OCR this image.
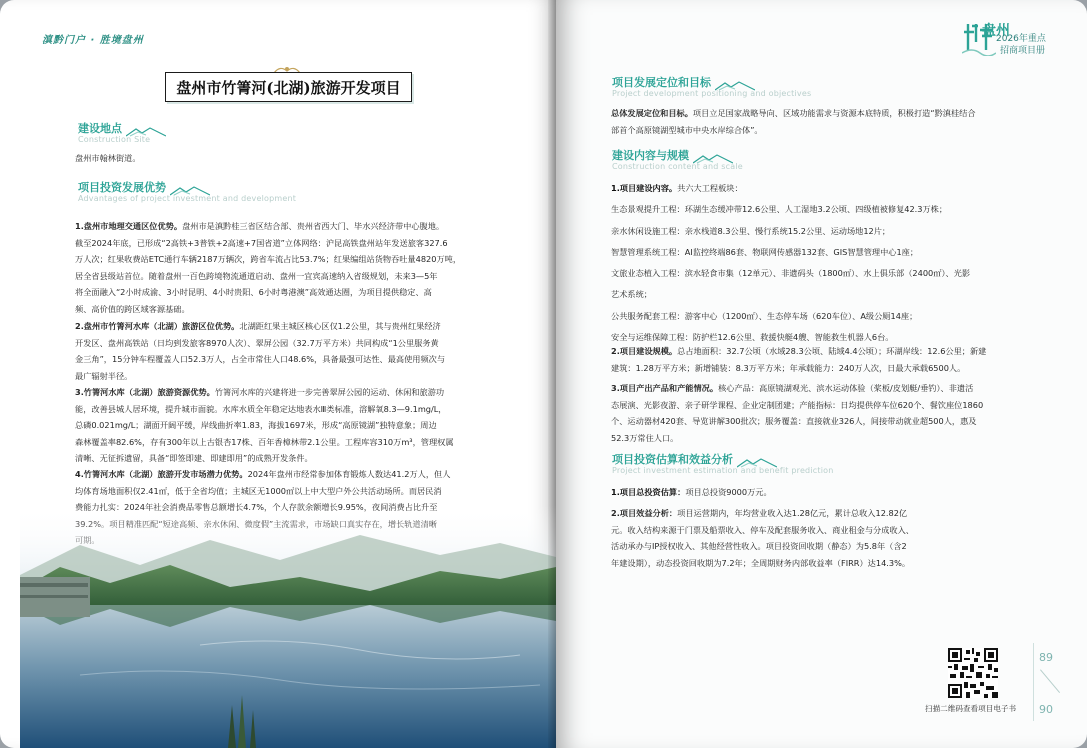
滇黔门户 · 胜境盘州
盘州市竹箐河(北湖)旅游开发项目
建设地点
Construction Site
盘州市翰林街道。
项目投资发展优势
Advantages of project investment and development
1.盘州市地理交通区位优势。盘州市是滇黔桂三省区结合部、贵州省西大门、毕水兴经济带中心腹地。
截至2024年底，已形成“2高铁+3普铁+2高速+7国省道”立体网络：沪昆高铁盘州站年发送旅客327.6
万人次；红果收费站ETC通行车辆2187万辆次，跨省车流占比53.7%；红果编组站货物吞吐量4820万吨，
居全省县级站首位。随着盘州一百色跨境物流通道启动、盘州一宜宾高速纳入省级规划，未来3—5年
将全面融入“2小时成渝、3小时昆明、4小时贵阳、6小时粤港澳”高效通达圈，为项目提供稳定、高
频、高价值的跨区域客源基础。
2.盘州市竹箐河水库（北湖）旅游区位优势。北湖距红果主城区核心区仅1.2公里，其与贵州红果经济
开发区、盘州高铁站（日均到发旅客8970人次）、翠屏公园（32.7万平方米）共同构成“1公里服务黄
金三角”，15分钟车程覆盖人口52.3万人，占全市常住人口48.6%，具备最强可达性、最高使用频次与
最广辐射半径。
3.竹箐河水库（北湖）旅游资源优势。竹箐河水库的兴建将进一步完善翠屏公园的运动、休闲和旅游功
能，改善县城人居环境，提升城市面貌。水库水质全年稳定达地表水Ⅲ类标准，溶解氧8.3—9.1mg/L，
总磷0.021mg/L；湖面开阔平缓，岸线曲折率1.83，海拔1697米，形成“高原镜湖”独特意象；周边
森林覆盖率82.6%，存有300年以上古银杏17株、百年香樟林带2.1公里。工程库容310万m³，管理权属
清晰、无征拆遗留，具备“即签即建、即建即用”的成熟开发条件。
4.竹箐河水库（北湖）旅游开发市场潜力优势。2024年盘州市经常参加体育锻炼人数达41.2万人，但人
均体育场地面积仅2.41㎡，低于全省均值；主城区无1000㎡以上中大型户外公共活动场所。而居民消
盘州
2026年重点
招商项目册
项目发展定位和目标
Project development positioning and objectives
总体发展定位和目标。项目立足国家战略导向、区域功能需求与资源本底特质，积极打造“黔滇桂结合
部首个高原镜湖型城市中央水岸综合体”。
建设内容与规模
Construction content and scale
1.项目建设内容。共六大工程板块：
生态景观提升工程：环湖生态缓冲带12.6公里、人工湿地3.2公顷、四级植被修复42.3万株；
亲水休闲设施工程：亲水栈道8.3公里、慢行系统15.2公里、运动场地12片；
智慧管理系统工程：AI监控终端86套、物联网传感器132套、GIS智慧管理中心1座；
文旅业态植入工程：滨水轻食市集（12单元）、非遗码头（1800㎡）、水上俱乐部（2400㎡）、光影
艺术系统；
公共服务配套工程：游客中心（1200㎡）、生态停车场（620车位）、A级公厕14座；
安全与运维保障工程：防护栏12.6公里、救援快艇4艘、智能救生机器人6台。
2.项目建设规模。总占地面积：32.7公顷（水域28.3公顷、陆域4.4公顷）；环湖岸线：12.6公里；新建
建筑：1.28万平方米；新增铺装：8.3万平方米；年承载能力：240万人次，日最大承载6500人。
3.项目产出产品和产能情况。核心产品：高原镜湖观光、滨水运动体验（桨板/皮划艇/垂钓）、非遗活
态展演、光影夜游、亲子研学课程、企业定制团建；产能指标：日均提供停车位620个、餐饮座位1860
个、运动器材420套、导览讲解300批次；服务覆盖：直接就业326人，间接带动就业超500人，惠及
52.3万常住人口。
项目投资估算和效益分析
Project investment estimation and benefit prediction
1.项目总投资估算：项目总投资9000万元。
2.项目效益分析：项目运营期内，年均营业收入达1.28亿元，累计总收入12.82亿
元。收入结构来源于门票及船票收入、停车及配套服务收入、商业租金与分成收入、
活动承办与IP授权收入、其他经营性收入。项目投资回收期（静态）为5.8年（含2
年建设期），动态投资回收期为7.2年；全周期财务内部收益率（FIRR）达14.3%。
扫描二维码查看项目电子书
89
90
